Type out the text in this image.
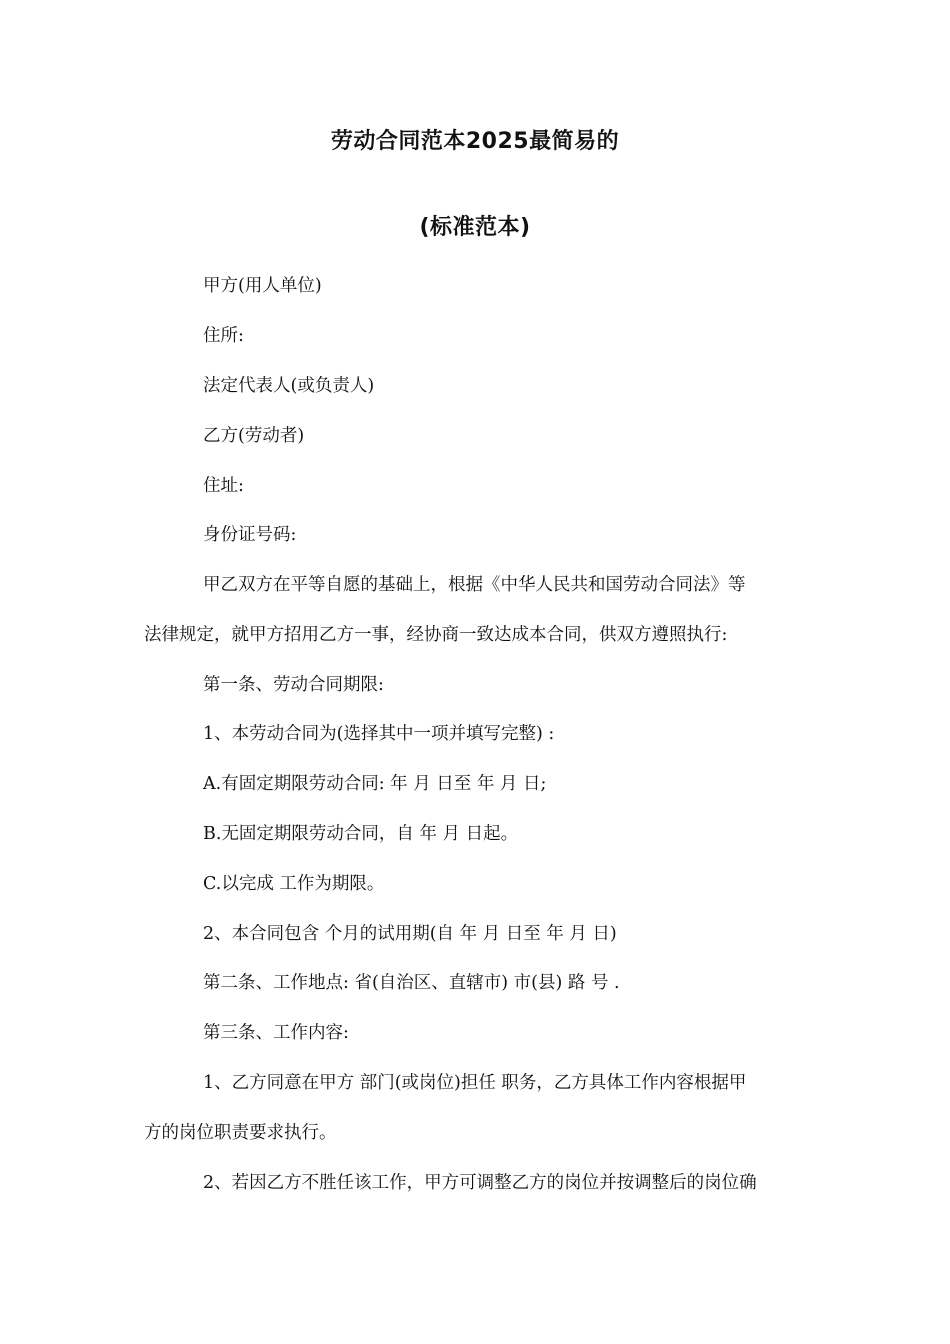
劳动合同范本2025最简易的
(标准范本)
甲方(用人单位)
住所:
法定代表人(或负责人)
乙方(劳动者)
住址:
身份证号码:
甲乙双方在平等自愿的基础上，根据《中华人民共和国劳动合同法》等
法律规定，就甲方招用乙方一事，经协商一致达成本合同，供双方遵照执行:
第一条、劳动合同期限:
1、本劳动合同为(选择其中一项并填写完整) :
A.有固定期限劳动合同: 年 月 日至 年 月 日;
B.无固定期限劳动合同，自 年 月 日起。
C.以完成 工作为期限。
2、本合同包含 个月的试用期(自 年 月 日至 年 月 日)
第二条、工作地点: 省(自治区、直辖市) 市(县) 路 号 .
第三条、工作内容:
1、乙方同意在甲方 部门(或岗位)担任 职务，乙方具体工作内容根据甲
方的岗位职责要求执行。
2、若因乙方不胜任该工作，甲方可调整乙方的岗位并按调整后的岗位确
